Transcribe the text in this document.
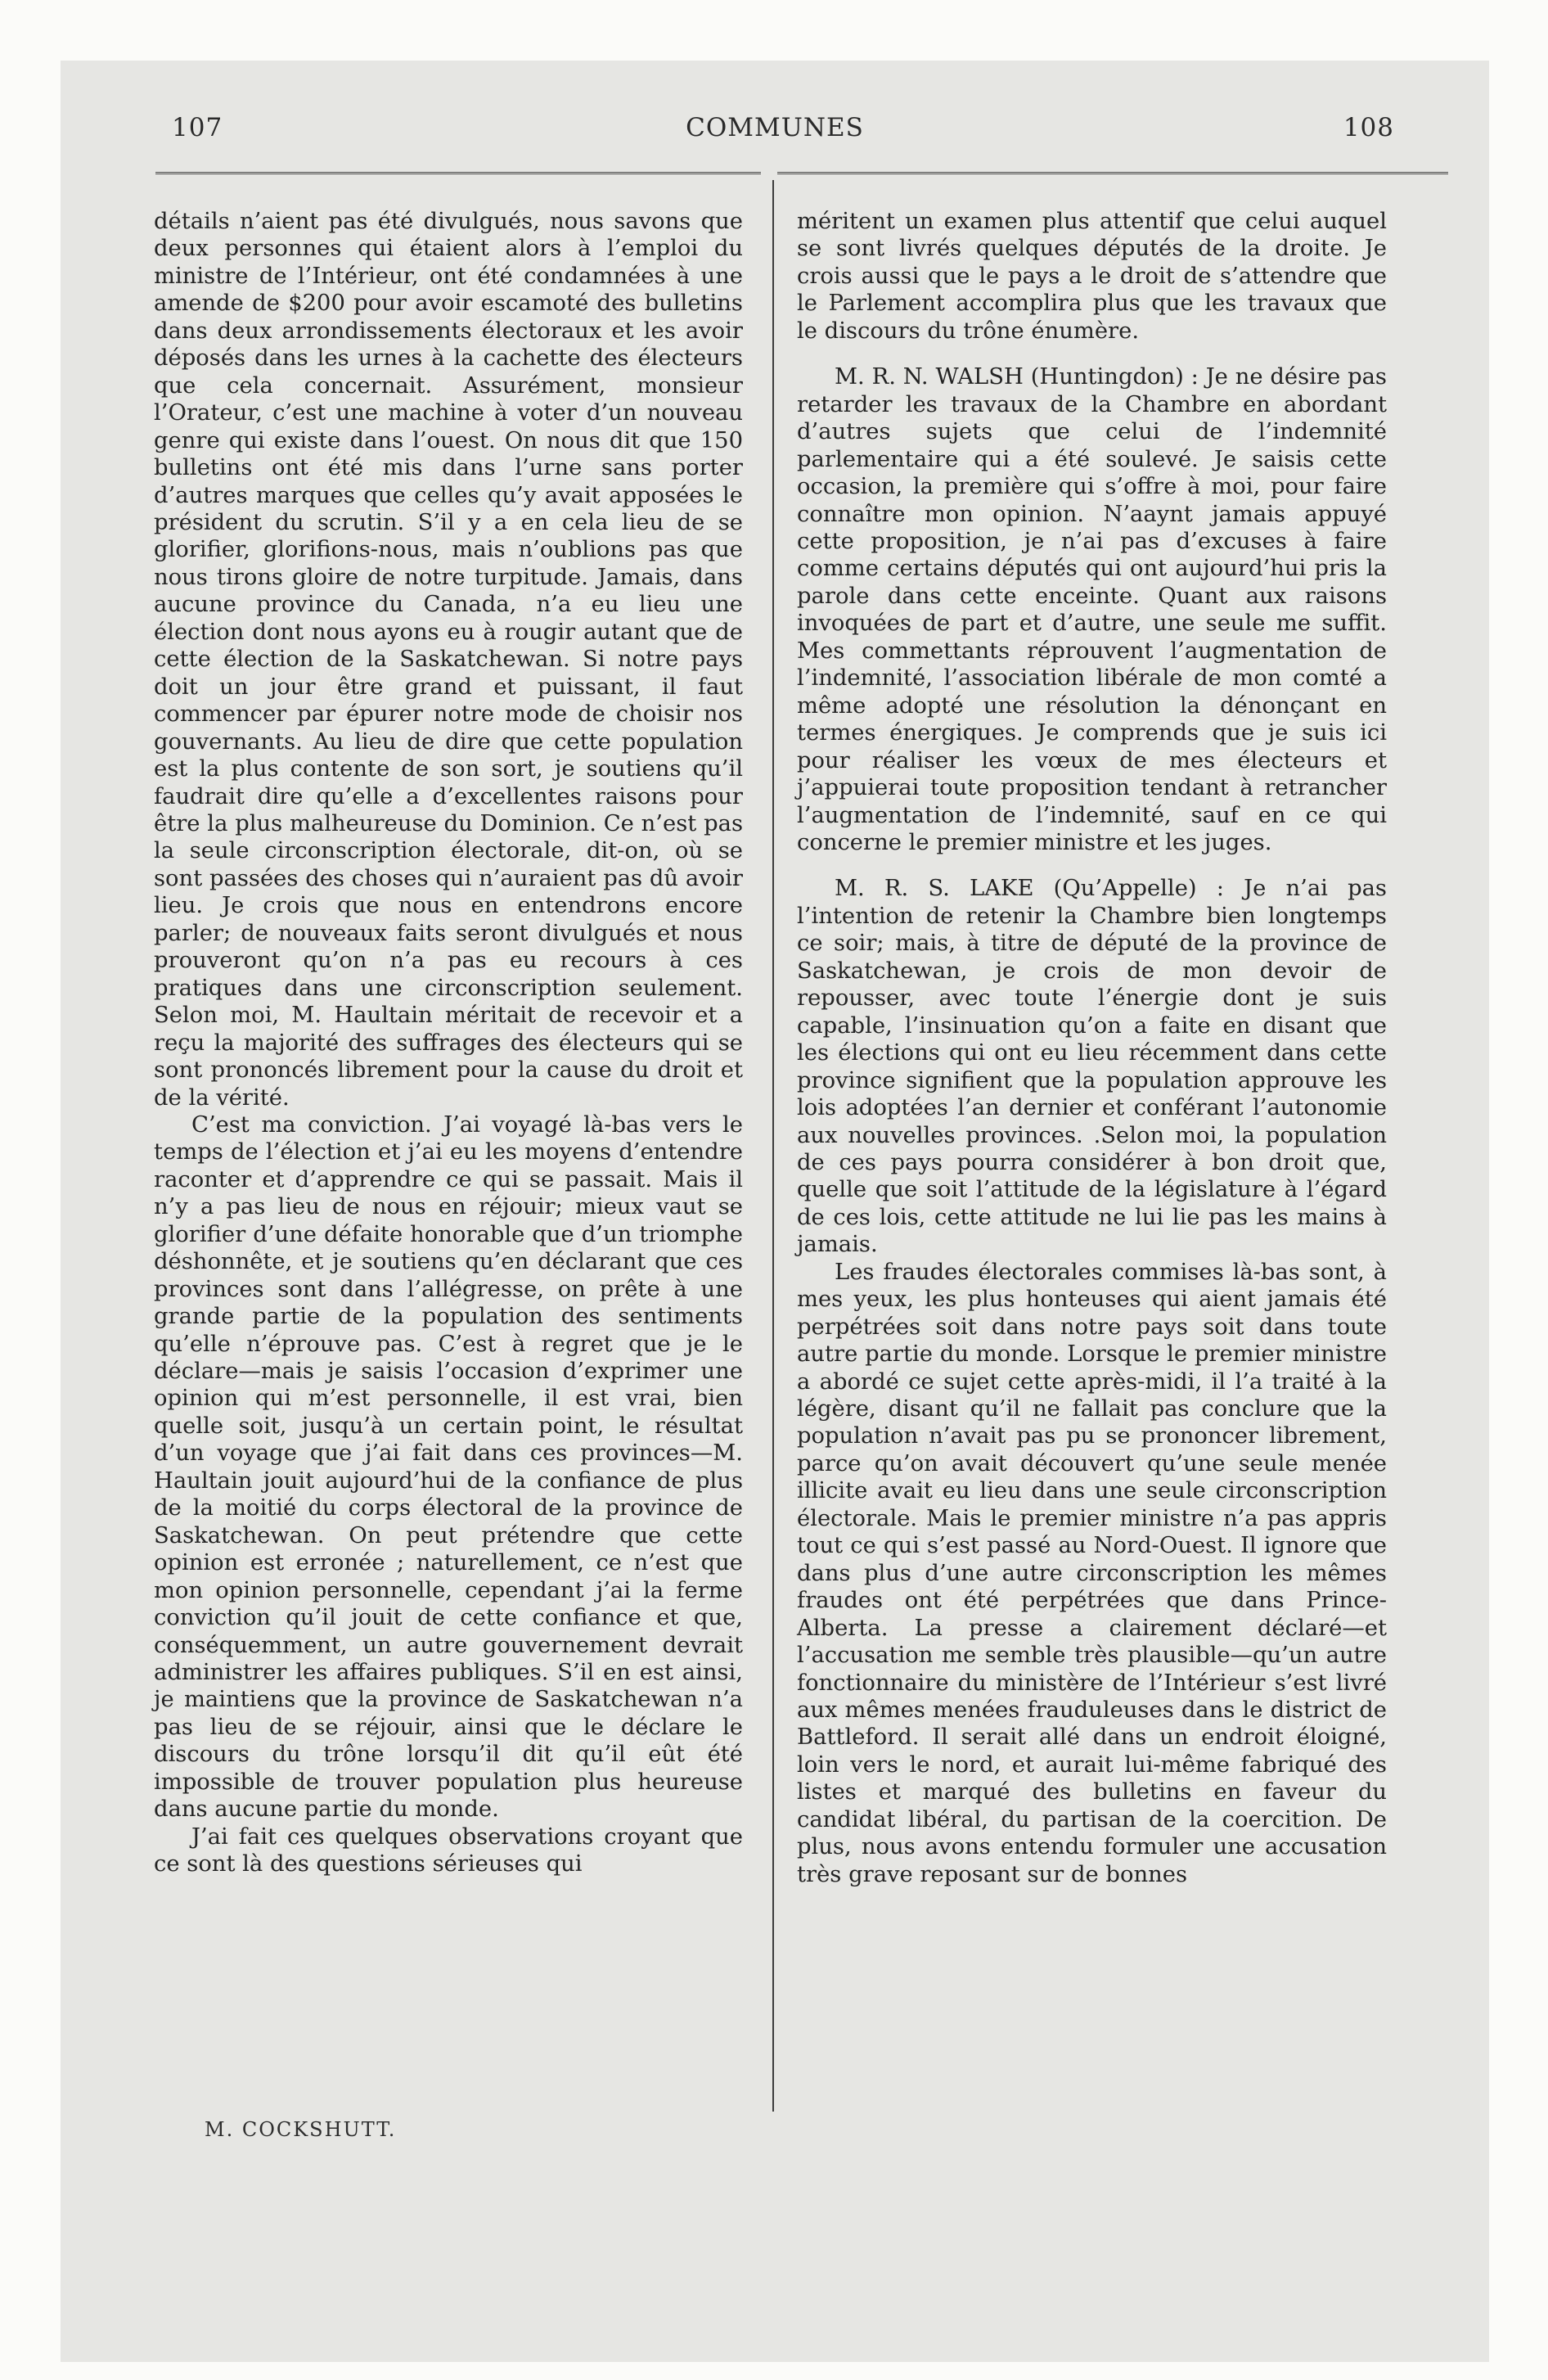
107	COMMUNES	108

détails n’aient pas été divulgués, nous savons que deux personnes qui étaient alors à l’emploi du ministre de l’Intérieur, ont été condamnées à une amende de $200 pour avoir escamoté des bulletins dans deux arrondissements électoraux et les avoir déposés dans les urnes à la cachette des électeurs que cela concernait. Assurément, monsieur l’Orateur, c’est une machine à voter d’un nouveau genre qui existe dans l’ouest. On nous dit que 150 bulletins ont été mis dans l’urne sans porter d’autres marques que celles qu’y avait apposées le président du scrutin. S’il y a en cela lieu de se glorifier, glorifions-nous, mais n’oublions pas que nous tirons gloire de notre turpitude. Jamais, dans aucune province du Canada, n’a eu lieu une élection dont nous ayons eu à rougir autant que de cette élection de la Saskatchewan. Si notre pays doit un jour être grand et puissant, il faut commencer par épurer notre mode de choisir nos gouvernants. Au lieu de dire que cette population est la plus contente de son sort, je soutiens qu’il faudrait dire qu’elle a d’excellentes raisons pour être la plus malheureuse du Dominion. Ce n’est pas la seule circonscription électorale, dit-on, où se sont passées des choses qui n’auraient pas dû avoir lieu. Je crois que nous en entendrons encore parler; de nouveaux faits seront divulgués et nous prouveront qu’on n’a pas eu recours à ces pratiques dans une circonscription seulement. Selon moi, M. Haultain méritait de recevoir et a reçu la majorité des suffrages des électeurs qui se sont prononcés librement pour la cause du droit et de la vérité.

C’est ma conviction. J’ai voyagé là-bas vers le temps de l’élection et j’ai eu les moyens d’entendre raconter et d’apprendre ce qui se passait. Mais il n’y a pas lieu de nous en réjouir; mieux vaut se glorifier d’une défaite honorable que d’un triomphe déshonnête, et je soutiens qu’en déclarant que ces provinces sont dans l’allégresse, on prête à une grande partie de la population des sentiments qu’elle n’éprouve pas. C’est à regret que je le déclare—mais je saisis l’occasion d’exprimer une opinion qui m’est personnelle, il est vrai, bien quelle soit, jusqu’à un certain point, le résultat d’un voyage que j’ai fait dans ces provinces—M. Haultain jouit aujourd’hui de la confiance de plus de la moitié du corps électoral de la province de Saskatchewan. On peut prétendre que cette opinion est erronée ; naturellement, ce n’est que mon opinion personnelle, cependant j’ai la ferme conviction qu’il jouit de cette confiance et que, conséquemment, un autre gouvernement devrait administrer les affaires publiques. S’il en est ainsi, je maintiens que la province de Saskatchewan n’a pas lieu de se réjouir, ainsi que le déclare le discours du trône lorsqu’il dit qu’il eût été impossible de trouver population plus heureuse dans aucune partie du monde.

J’ai fait ces quelques observations croyant que ce sont là des questions sérieuses qui

M. COCKSHUTT.

méritent un examen plus attentif que celui auquel se sont livrés quelques députés de la droite. Je crois aussi que le pays a le droit de s’attendre que le Parlement accomplira plus que les travaux que le discours du trône énumère.

M. R. N. WALSH (Huntingdon) : Je ne désire pas retarder les travaux de la Chambre en abordant d’autres sujets que celui de l’indemnité parlementaire qui a été soulevé. Je saisis cette occasion, la première qui s’offre à moi, pour faire connaître mon opinion. N’aaynt jamais appuyé cette proposition, je n’ai pas d’excuses à faire comme certains députés qui ont aujourd’hui pris la parole dans cette enceinte. Quant aux raisons invoquées de part et d’autre, une seule me suffit. Mes commettants réprouvent l’augmentation de l’indemnité, l’association libérale de mon comté a même adopté une résolution la dénonçant en termes énergiques. Je comprends que je suis ici pour réaliser les vœux de mes électeurs et j’appuierai toute proposition tendant à retrancher l’augmentation de l’indemnité, sauf en ce qui concerne le premier ministre et les juges.

M. R. S. LAKE (Qu’Appelle) : Je n’ai pas l’intention de retenir la Chambre bien longtemps ce soir; mais, à titre de député de la province de Saskatchewan, je crois de mon devoir de repousser, avec toute l’énergie dont je suis capable, l’insinuation qu’on a faite en disant que les élections qui ont eu lieu récemment dans cette province signifient que la population approuve les lois adoptées l’an dernier et conférant l’autonomie aux nouvelles provinces. .Selon moi, la population de ces pays pourra considérer à bon droit que, quelle que soit l’attitude de la législature à l’égard de ces lois, cette attitude ne lui lie pas les mains à jamais.

Les fraudes électorales commises là-bas sont, à mes yeux, les plus honteuses qui aient jamais été perpétrées soit dans notre pays soit dans toute autre partie du monde. Lorsque le premier ministre a abordé ce sujet cette après-midi, il l’a traité à la légère, disant qu’il ne fallait pas conclure que la population n’avait pas pu se prononcer librement, parce qu’on avait découvert qu’une seule menée illicite avait eu lieu dans une seule circonscription électorale. Mais le premier ministre n’a pas appris tout ce qui s’est passé au Nord-Ouest. Il ignore que dans plus d’une autre circonscription les mêmes fraudes ont été perpétrées que dans Prince-Alberta. La presse a clairement déclaré—et l’accusation me semble très plausible—qu’un autre fonctionnaire du ministère de l’Intérieur s’est livré aux mêmes menées frauduleuses dans le district de Battleford. Il serait allé dans un endroit éloigné, loin vers le nord, et aurait lui-même fabriqué des listes et marqué des bulletins en faveur du candidat libéral, du partisan de la coercition. De plus, nous avons entendu formuler une accusation très grave reposant sur de bonnes
